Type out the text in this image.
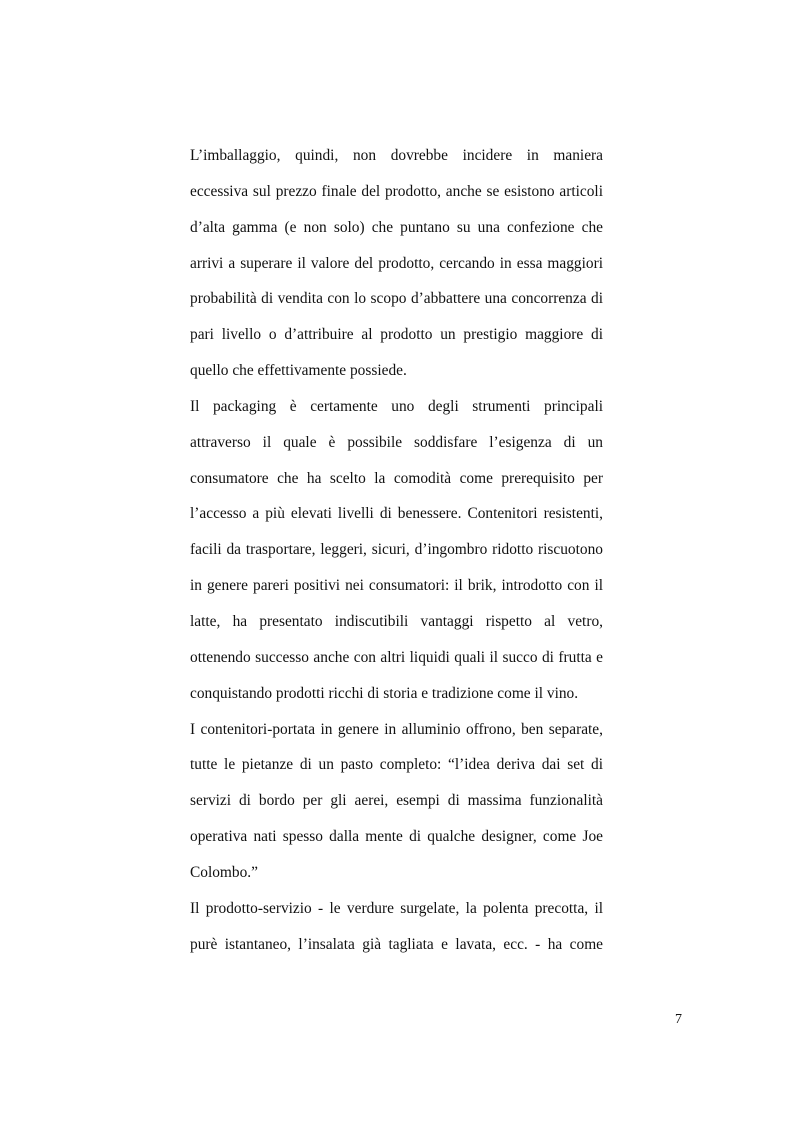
L’imballaggio, quindi, non dovrebbe incidere in maniera
eccessiva sul prezzo finale del prodotto, anche se esistono articoli
d’alta gamma (e non solo) che puntano su una confezione che
arrivi a superare il valore del prodotto, cercando in essa maggiori
probabilità di vendita con lo scopo d’abbattere una concorrenza di
pari livello o d’attribuire al prodotto un prestigio maggiore di
quello che effettivamente possiede.

Il packaging è certamente uno degli strumenti principali
attraverso il quale è possibile soddisfare l’esigenza di un
consumatore che ha scelto la comodità come prerequisito per
l’accesso a più elevati livelli di benessere. Contenitori resistenti,
facili da trasportare, leggeri, sicuri, d’ingombro ridotto riscuotono
in genere pareri positivi nei consumatori: il brik, introdotto con il
latte, ha presentato indiscutibili vantaggi rispetto al vetro,
ottenendo successo anche con altri liquidi quali il succo di frutta e
conquistando prodotti ricchi di storia e tradizione come il vino.

I contenitori-portata in genere in alluminio offrono, ben separate,
tutte le pietanze di un pasto completo: “l’idea deriva dai set di
servizi di bordo per gli aerei, esempi di massima funzionalità
operativa nati spesso dalla mente di qualche designer, come Joe
Colombo.”

Il prodotto-servizio - le verdure surgelate, la polenta precotta, il
purè istantaneo, l’insalata già tagliata e lavata, ecc. - ha come

7
